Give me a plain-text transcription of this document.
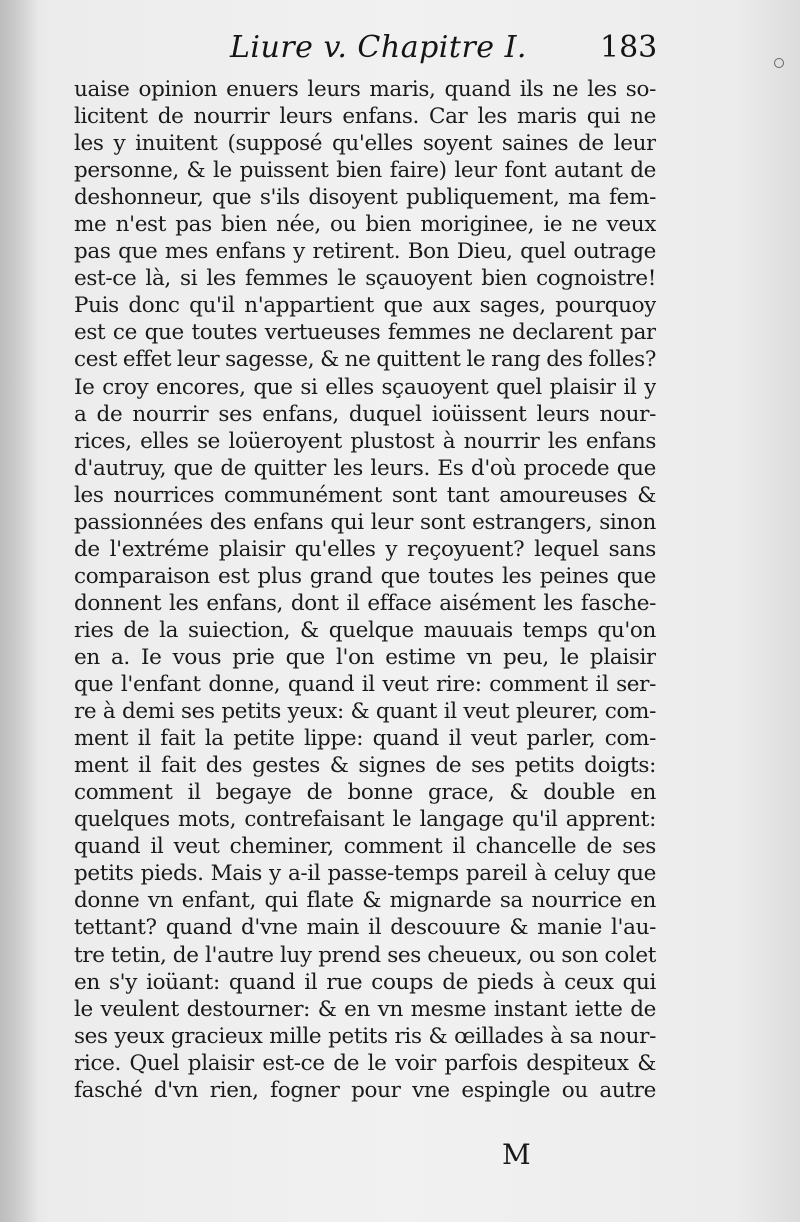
Liure v. Chapitre I. 183
uaise opinion enuers leurs maris, quand ils ne les so-
licitent de nourrir leurs enfans. Car les maris qui ne
les y inuitent (supposé qu'elles soyent saines de leur
personne, & le puissent bien faire) leur font autant de
deshonneur, que s'ils disoyent publiquement, ma fem-
me n'est pas bien née, ou bien moriginee, ie ne veux
pas que mes enfans y retirent. Bon Dieu, quel outrage
est-ce là, si les femmes le sçauoyent bien cognoistre!
Puis donc qu'il n'appartient que aux sages, pourquoy
est ce que toutes vertueuses femmes ne declarent par
cest effet leur sagesse, & ne quittent le rang des folles?
Ie croy encores, que si elles sçauoyent quel plaisir il y
a de nourrir ses enfans, duquel ioüissent leurs nour-
rices, elles se loüeroyent plustost à nourrir les enfans
d'autruy, que de quitter les leurs. Es d'où procede que
les nourrices communément sont tant amoureuses &
passionnées des enfans qui leur sont estrangers, sinon
de l'extréme plaisir qu'elles y reçoyuent? lequel sans
comparaison est plus grand que toutes les peines que
donnent les enfans, dont il efface aisément les fasche-
ries de la suiection, & quelque mauuais temps qu'on
en a. Ie vous prie que l'on estime vn peu, le plaisir
que l'enfant donne, quand il veut rire: comment il ser-
re à demi ses petits yeux: & quant il veut pleurer, com-
ment il fait la petite lippe: quand il veut parler, com-
ment il fait des gestes & signes de ses petits doigts:
comment il begaye de bonne grace, & double en
quelques mots, contrefaisant le langage qu'il apprent:
quand il veut cheminer, comment il chancelle de ses
petits pieds. Mais y a-il passe-temps pareil à celuy que
donne vn enfant, qui flate & mignarde sa nourrice en
tettant? quand d'vne main il descouure & manie l'au-
tre tetin, de l'autre luy prend ses cheueux, ou son colet
en s'y ioüant: quand il rue coups de pieds à ceux qui
le veulent destourner: & en vn mesme instant iette de
ses yeux gracieux mille petits ris & œillades à sa nour-
rice. Quel plaisir est-ce de le voir parfois despiteux &
fasché d'vn rien, fogner pour vne espingle ou autre
M
